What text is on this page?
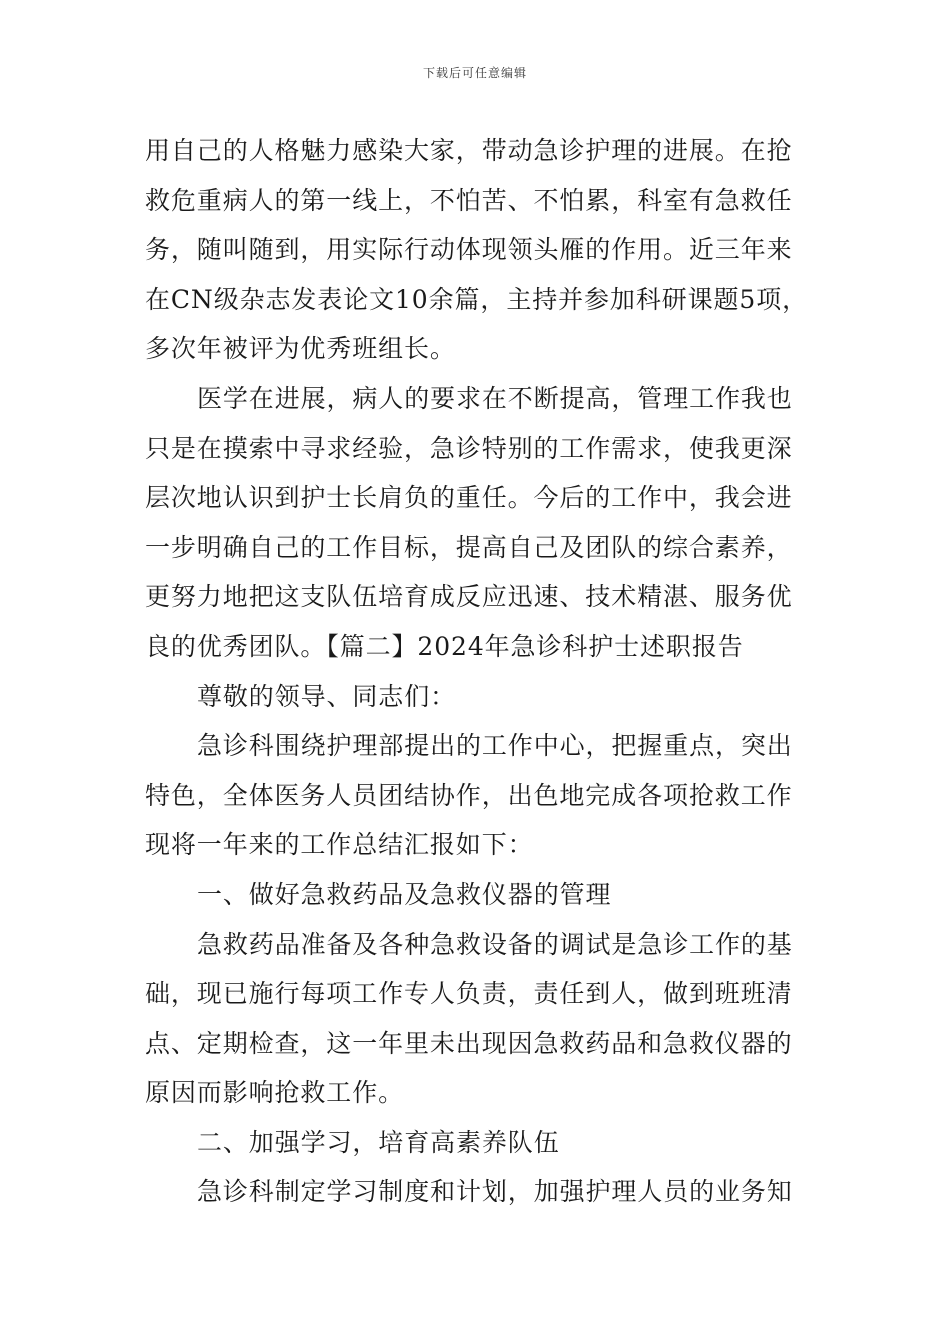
下载后可任意编辑
用自己的人格魅力感染大家，带动急诊护理的进展。在抢
救危重病人的第一线上，不怕苦、不怕累，科室有急救任
务，随叫随到，用实际行动体现领头雁的作用。近三年来
在CN级杂志发表论文10余篇，主持并参加科研课题5项，
多次年被评为优秀班组长。
医学在进展，病人的要求在不断提高，管理工作我也
只是在摸索中寻求经验，急诊特别的工作需求，使我更深
层次地认识到护士长肩负的重任。今后的工作中，我会进
一步明确自己的工作目标，提高自己及团队的综合素养，
更努力地把这支队伍培育成反应迅速、技术精湛、服务优
良的优秀团队。【篇二】2024年急诊科护士述职报告
尊敬的领导、同志们：
急诊科围绕护理部提出的工作中心，把握重点，突出
特色，全体医务人员团结协作，出色地完成各项抢救工作
现将一年来的工作总结汇报如下：
一、做好急救药品及急救仪器的管理
急救药品准备及各种急救设备的调试是急诊工作的基
础，现已施行每项工作专人负责，责任到人，做到班班清
点、定期检查，这一年里未出现因急救药品和急救仪器的
原因而影响抢救工作。
二、加强学习，培育高素养队伍
急诊科制定学习制度和计划，加强护理人员的业务知
